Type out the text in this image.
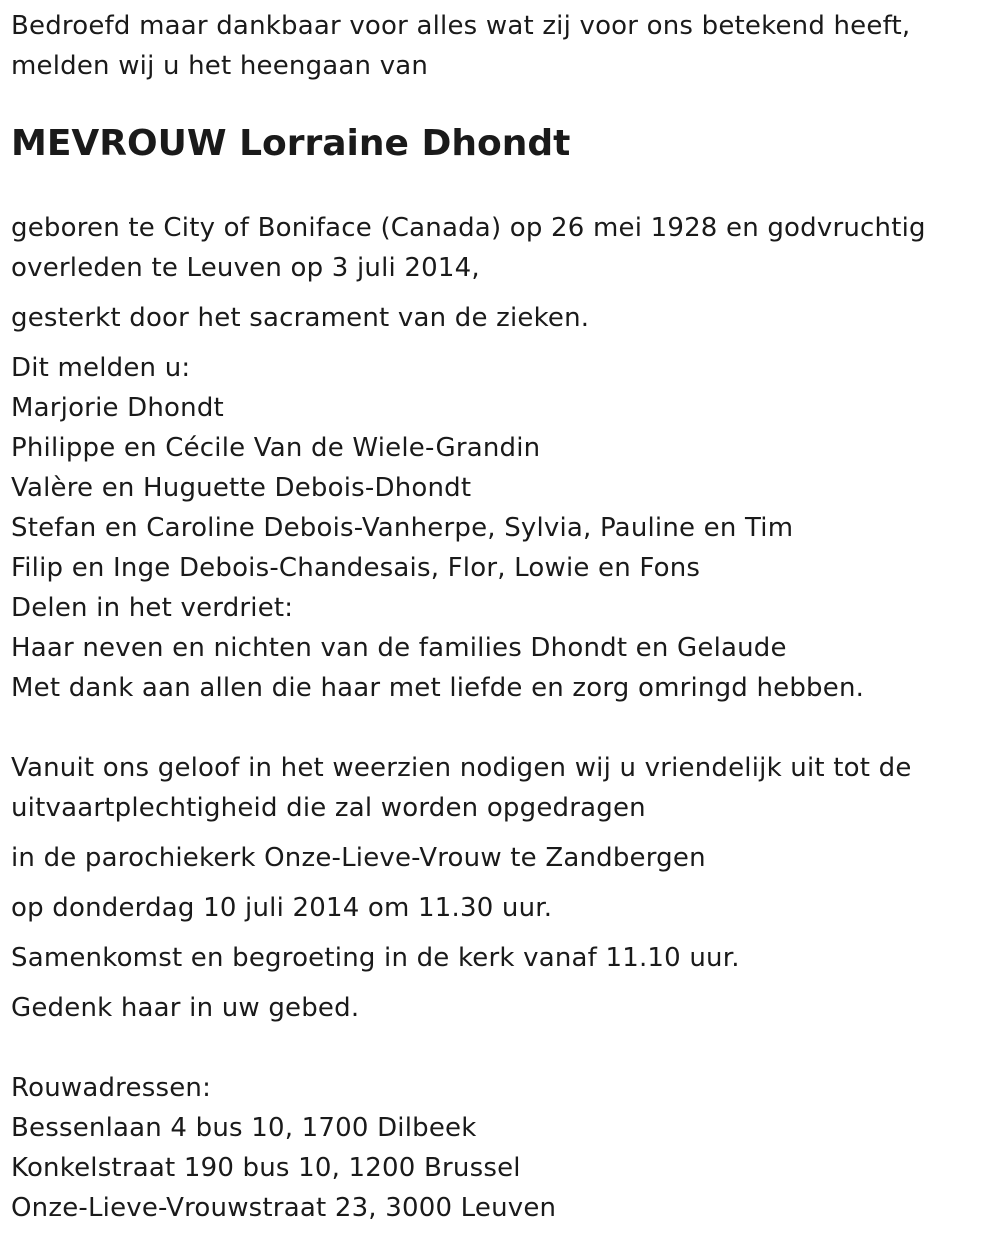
Bedroefd maar dankbaar voor alles wat zij voor ons betekend heeft,
melden wij u het heengaan van
MEVROUW Lorraine Dhondt
geboren te City of Boniface (Canada) op 26 mei 1928 en godvruchtig
overleden te Leuven op 3 juli 2014,
gesterkt door het sacrament van de zieken.
Dit melden u:
Marjorie Dhondt
Philippe en Cécile Van de Wiele-Grandin
Valère en Huguette Debois-Dhondt
Stefan en Caroline Debois-Vanherpe, Sylvia, Pauline en Tim
Filip en Inge Debois-Chandesais, Flor, Lowie en Fons
Delen in het verdriet:
Haar neven en nichten van de families Dhondt en Gelaude
Met dank aan allen die haar met liefde en zorg omringd hebben.
Vanuit ons geloof in het weerzien nodigen wij u vriendelijk uit tot de
uitvaartplechtigheid die zal worden opgedragen
in de parochiekerk Onze-Lieve-Vrouw te Zandbergen
op donderdag 10 juli 2014 om 11.30 uur.
Samenkomst en begroeting in de kerk vanaf 11.10 uur.
Gedenk haar in uw gebed.
Rouwadressen:
Bessenlaan 4 bus 10, 1700 Dilbeek
Konkelstraat 190 bus 10, 1200 Brussel
Onze-Lieve-Vrouwstraat 23, 3000 Leuven
